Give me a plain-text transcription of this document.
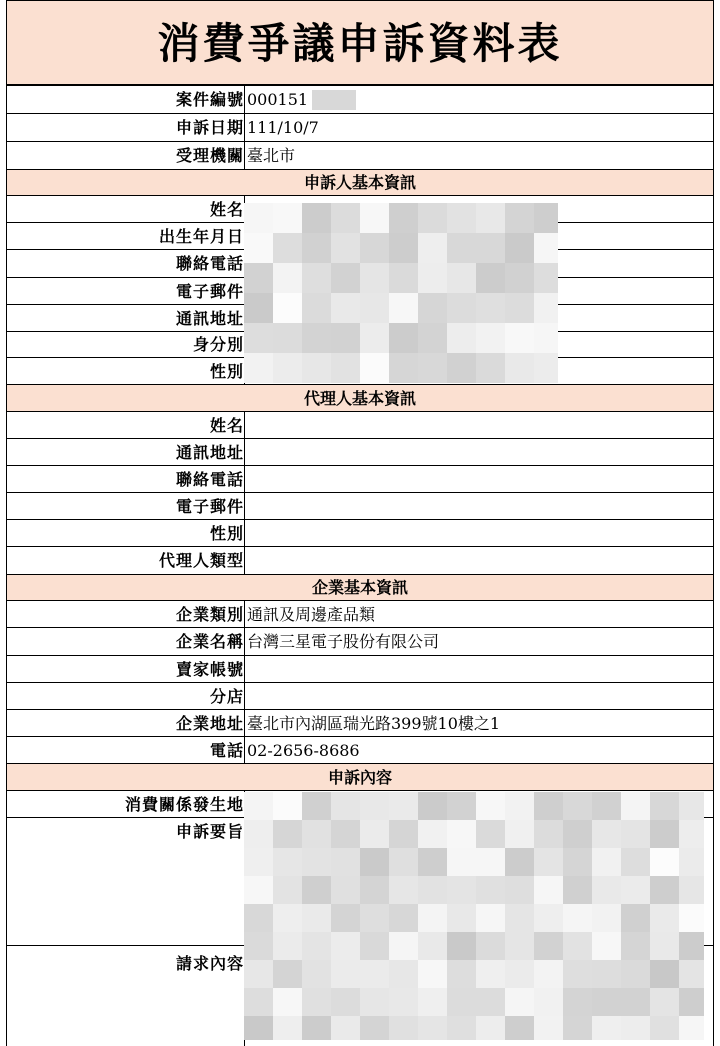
消費爭議申訴資料表
案件編號 000151
申訴日期 111/10/7
受理機關 臺北市
申訴人基本資訊
姓名
出生年月日
聯絡電話
電子郵件
通訊地址
身分別
性別
代理人基本資訊
姓名
通訊地址
聯絡電話
電子郵件
性別
代理人類型
企業基本資訊
企業類別 通訊及周邊產品類
企業名稱 台灣三星電子股份有限公司
賣家帳號
分店
企業地址 臺北市內湖區瑞光路399號10樓之1
電話 02-2656-8686
申訴內容
消費關係發生地
申訴要旨
請求內容
